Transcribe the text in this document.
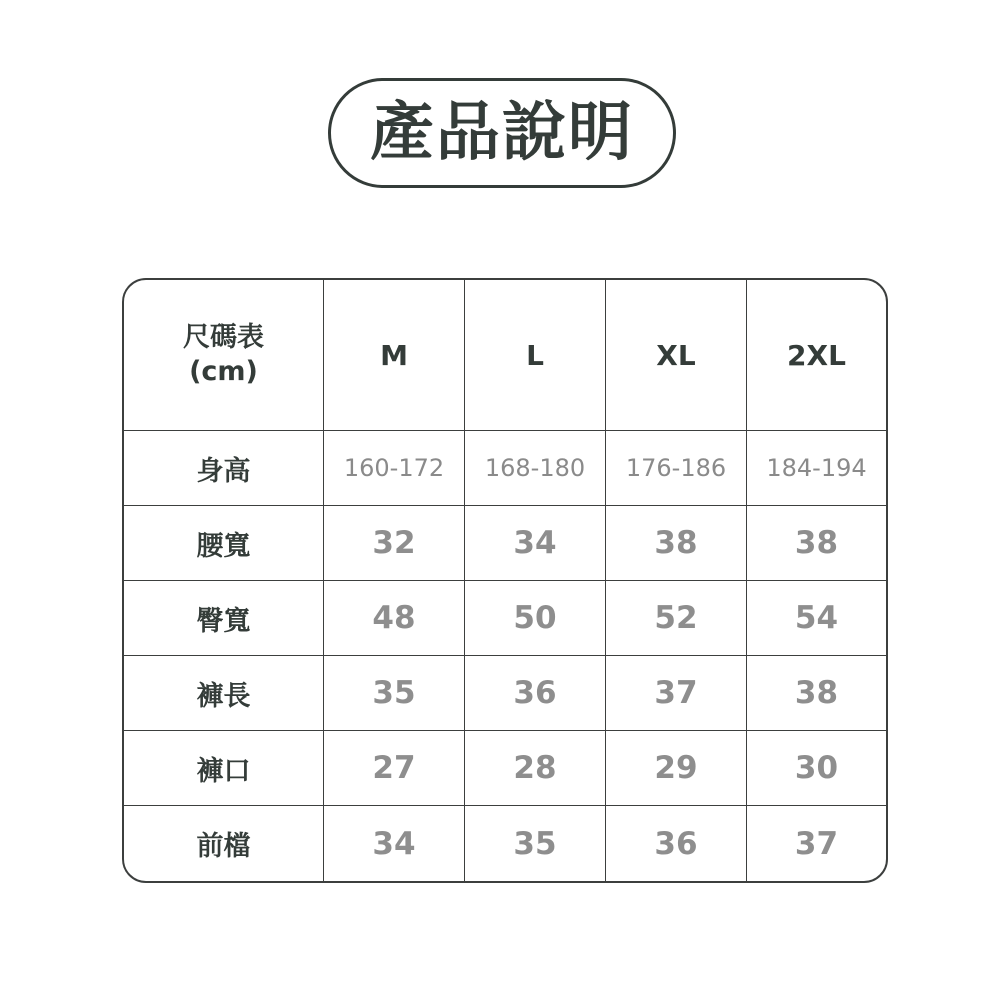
產品說明
尺碼表
(cm)	M	L	XL	2XL
身高	160-172	168-180	176-186	184-194
腰寬	32	34	38	38
臀寬	48	50	52	54
褲長	35	36	37	38
褲口	27	28	29	30
前檔	34	35	36	37
